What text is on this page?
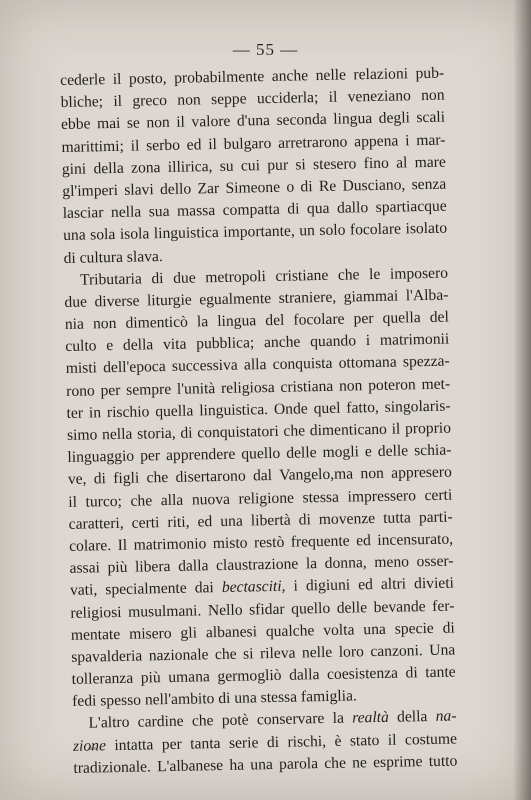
— 55 —
cederle il posto, probabilmente anche nelle relazioni pub-
bliche; il greco non seppe ucciderla; il veneziano non
ebbe mai se non il valore d'una seconda lingua degli scali
marittimi; il serbo ed il bulgaro arretrarono appena i mar-
gini della zona illirica, su cui pur si stesero fino al mare
gl'imperi slavi dello Zar Simeone o di Re Dusciano, senza
lasciar nella sua massa compatta di qua dallo spartiacque
una sola isola linguistica importante, un solo focolare isolato
di cultura slava.
Tributaria di due metropoli cristiane che le imposero
due diverse liturgie egualmente straniere, giammai l'Alba-
nia non dimenticò la lingua del focolare per quella del
culto e della vita pubblica; anche quando i matrimonii
misti dell'epoca successiva alla conquista ottomana spezza-
rono per sempre l'unità religiosa cristiana non poteron met-
ter in rischio quella linguistica. Onde quel fatto, singolaris-
simo nella storia, di conquistatori che dimenticano il proprio
linguaggio per apprendere quello delle mogli e delle schia-
ve, di figli che disertarono dal Vangelo,ma non appresero
il turco; che alla nuova religione stessa impressero certi
caratteri, certi riti, ed una libertà di movenze tutta parti-
colare. Il matrimonio misto restò frequente ed incensurato,
assai più libera dalla claustrazione la donna, meno osser-
vati, specialmente dai bectasciti, i digiuni ed altri divieti
religiosi musulmani. Nello sfidar quello delle bevande fer-
mentate misero gli albanesi qualche volta una specie di
spavalderia nazionale che si rileva nelle loro canzoni. Una
tolleranza più umana germogliò dalla coesistenza di tante
fedi spesso nell'ambito di una stessa famiglia.
L'altro cardine che potè conservare la realtà della na-
zione intatta per tanta serie di rischi, è stato il costume
tradizionale. L'albanese ha una parola che ne esprime tutto
